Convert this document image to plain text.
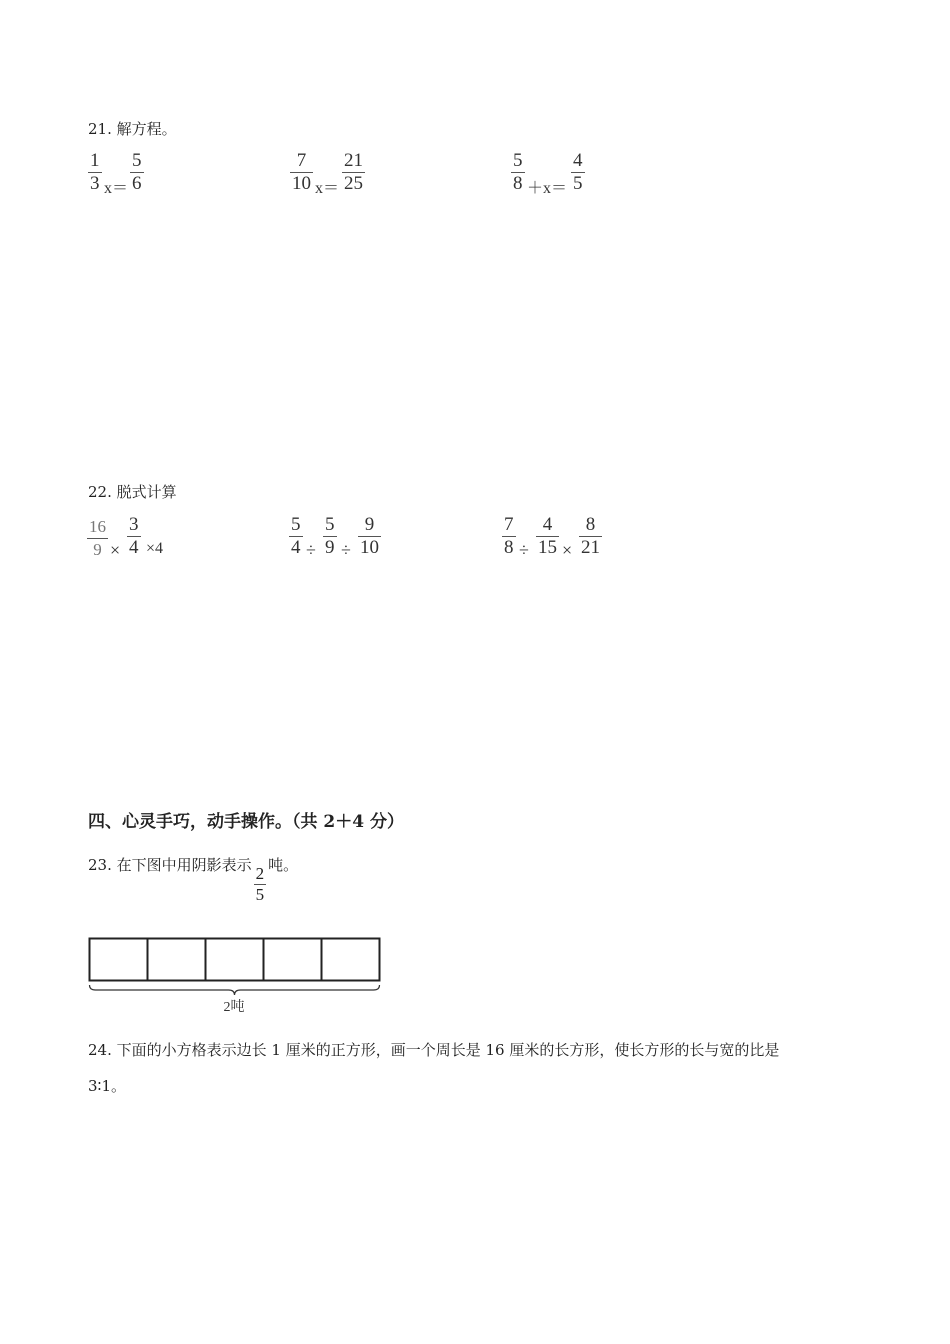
21. 解方程。
1
3 x＝
5
6
7
10 x＝
21
25
5
8 ＋x＝
4
5
22. 脱式计算
16
9 ×
3
4 ×4
5
4 ÷
5
9 ÷
9
10
7
8 ÷
4
15 ×
8
21
四、心灵手巧，动手操作。（共 2＋4 分）
23. 在下图中用阴影表示 $\frac{2}{5}$ 吨。
2吨
24. 下面的小方格表示边长 1 厘米的正方形，画一个周长是 16 厘米的长方形，使长方形的长与宽的比是
3∶1。
